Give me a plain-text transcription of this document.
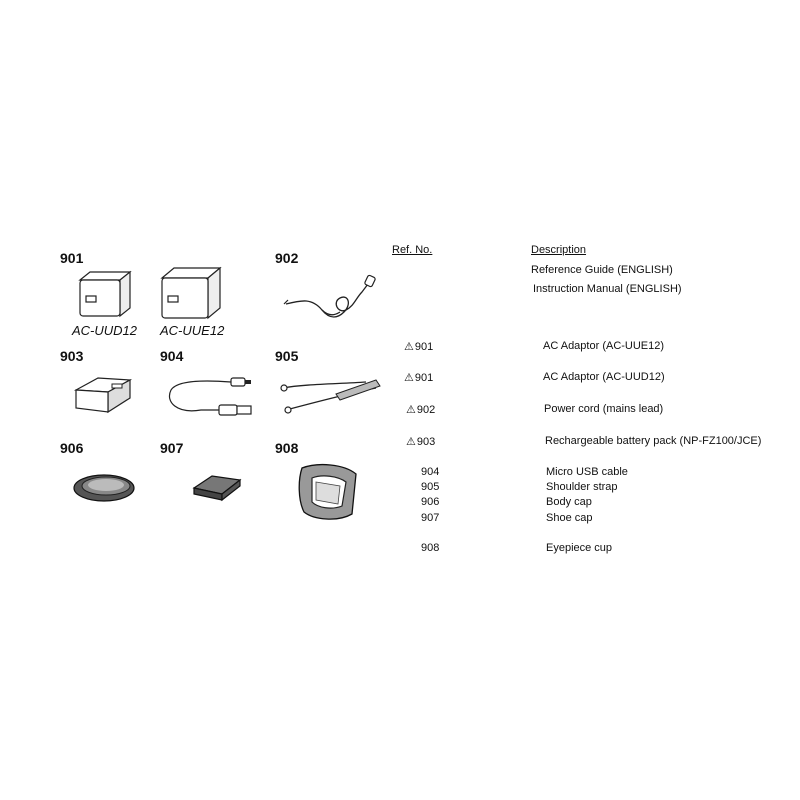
901	902
903	904	905
906	907	908
AC-UUD12 AC-UUE12
Ref. No.	Description
Reference Guide (ENGLISH)
Instruction Manual (ENGLISH)
⚠901	AC Adaptor (AC-UUE12)
⚠901	AC Adaptor (AC-UUD12)
⚠902	Power cord (mains lead)
⚠903	Rechargeable battery pack (NP-FZ100/JCE)
904	Micro USB cable
905	Shoulder strap
906	Body cap
907	Shoe cap
908	Eyepiece cup
